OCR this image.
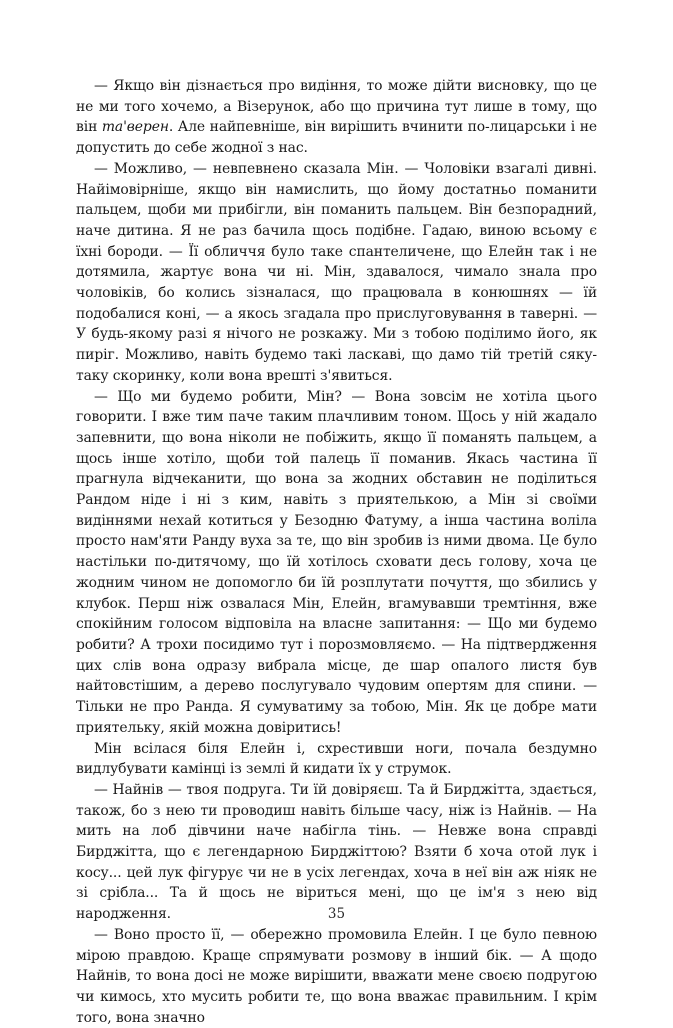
— Якщо він дізнається про видіння, то може дійти висновку, що це не ми того хочемо, а Візерунок, або що причина тут лише в тому, що він та'верен. Але найпевніше, він вирішить вчинити по-лицарськи і не допустить до себе жодної з нас.

— Можливо, — невпевнено сказала Мін. — Чоловіки взагалі дивні. Найімовірніше, якщо він намислить, що йому достатньо поманити пальцем, щоби ми прибігли, він поманить пальцем. Він безпорадний, наче дитина. Я не раз бачила щось подібне. Гадаю, виною всьому є їхні бороди. — Її обличчя було таке спантеличене, що Елейн так і не дотямила, жартує вона чи ні. Мін, здавалося, чимало знала про чоловіків, бо колись зізналася, що працювала в конюшнях — їй подобалися коні, — а якось згадала про прислуговування в таверні. — У будь-якому разі я нічого не розкажу. Ми з тобою поділимо його, як пиріг. Можливо, навіть будемо такі ласкаві, що дамо тій третій сяку-таку скоринку, коли вона врешті з'явиться.

— Що ми будемо робити, Мін? — Вона зовсім не хотіла цього говорити. І вже тим паче таким плачливим тоном. Щось у ній жадало запевнити, що вона ніколи не побіжить, якщо її поманять пальцем, а щось інше хотіло, щоби той палець її поманив. Якась частина її прагнула відчеканити, що вона за жодних обставин не поділиться Рандом ніде і ні з ким, навіть з приятелькою, а Мін зі своїми видіннями нехай котиться у Безодню Фатуму, а інша частина воліла просто нам'яти Ранду вуха за те, що він зробив із ними двома. Це було настільки по-дитячому, що їй хотілось сховати десь голову, хоча це жодним чином не допомогло би їй розплутати почуття, що збились у клубок. Перш ніж озвалася Мін, Елейн, вгамувавши тремтіння, вже спокійним голосом відповіла на власне запитання: — Що ми будемо робити? А трохи посидимо тут і порозмовляємо. — На підтвердження цих слів вона одразу вибрала місце, де шар опалого листя був найтовстішим, а дерево послугувало чудовим опертям для спини. — Тільки не про Ранда. Я сумуватиму за тобою, Мін. Як це добре мати приятельку, якій можна довіритись!

Мін всілася біля Елейн і, схрестивши ноги, почала бездумно видлубувати камінці із землі й кидати їх у струмок.

— Найнів — твоя подруга. Ти їй довіряєш. Та й Бирджітта, здається, також, бо з нею ти проводиш навіть більше часу, ніж із Найнів. — На мить на лоб дівчини наче набігла тінь. — Невже вона справді Бирджітта, що є легендарною Бирджіттою? Взяти б хоча отой лук і косу... цей лук фігурує чи не в усіх легендах, хоча в неї він аж ніяк не зі срібла... Та й щось не віриться мені, що це ім'я з нею від народження.

— Воно просто її, — обережно промовила Елейн. І це було певною мірою правдою. Краще спрямувати розмову в інший бік. — А щодо Найнів, то вона досі не може вирішити, вважати мене своєю подругою чи кимось, хто мусить робити те, що вона вважає правильним. І крім того, вона значно

35
